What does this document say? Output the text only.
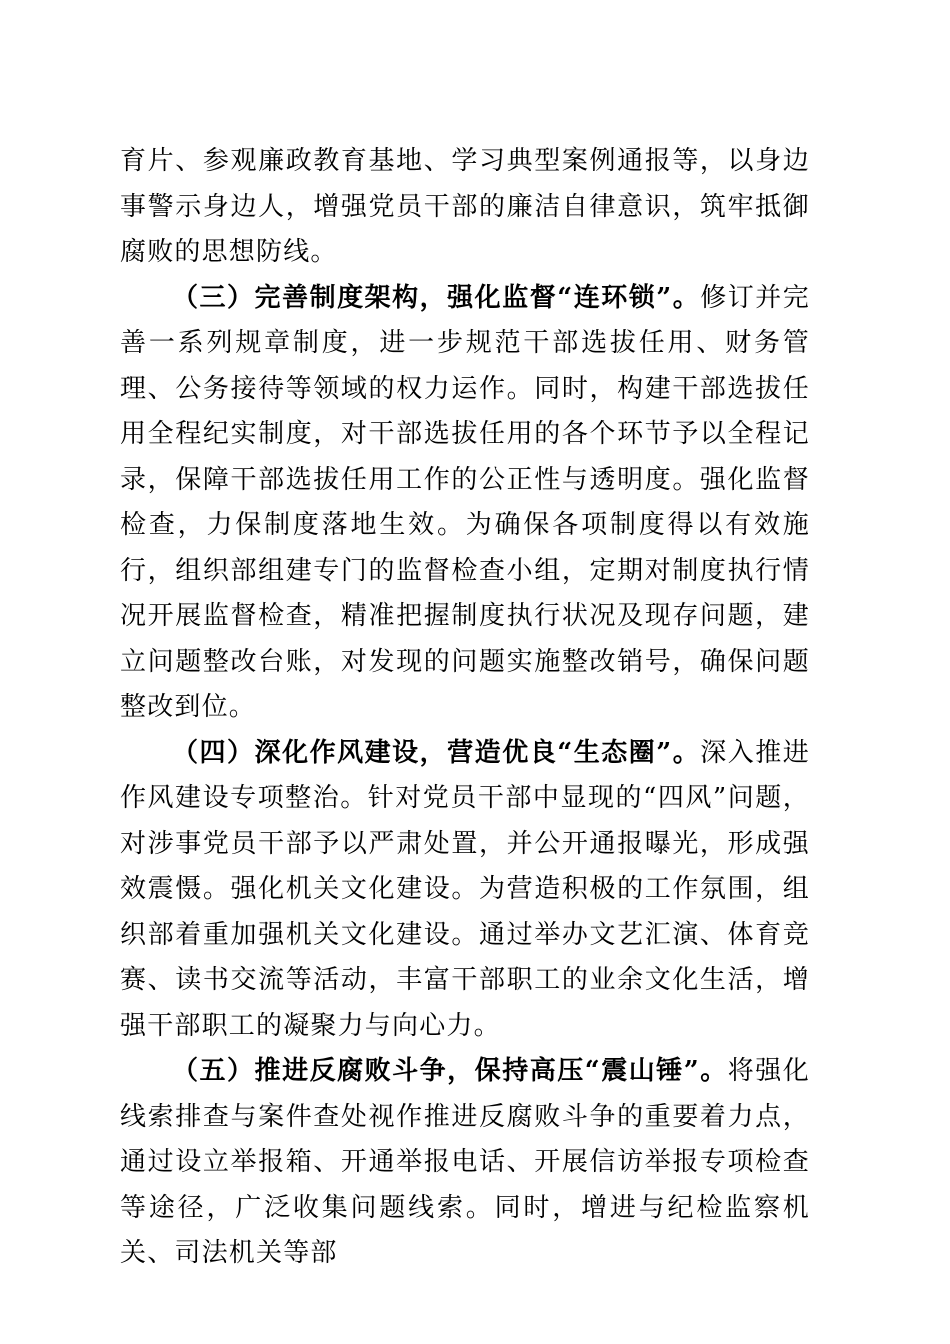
育片、参观廉政教育基地、学习典型案例通报等，以身边事警示身边人，增强党员干部的廉洁自律意识，筑牢抵御腐败的思想防线。

（三）完善制度架构，强化监督“连环锁”。修订并完善一系列规章制度，进一步规范干部选拔任用、财务管理、公务接待等领域的权力运作。同时，构建干部选拔任用全程纪实制度，对干部选拔任用的各个环节予以全程记录，保障干部选拔任用工作的公正性与透明度。强化监督检查，力保制度落地生效。为确保各项制度得以有效施行，组织部组建专门的监督检查小组，定期对制度执行情况开展监督检查，精准把握制度执行状况及现存问题，建立问题整改台账，对发现的问题实施整改销号，确保问题整改到位。

（四）深化作风建设，营造优良“生态圈”。深入推进作风建设专项整治。针对党员干部中显现的“四风”问题，对涉事党员干部予以严肃处置，并公开通报曝光，形成强效震慑。强化机关文化建设。为营造积极的工作氛围，组织部着重加强机关文化建设。通过举办文艺汇演、体育竞赛、读书交流等活动，丰富干部职工的业余文化生活，增强干部职工的凝聚力与向心力。

（五）推进反腐败斗争，保持高压“震山锤”。将强化线索排查与案件查处视作推进反腐败斗争的重要着力点，通过设立举报箱、开通举报电话、开展信访举报专项检查等途径，广泛收集问题线索。同时，增进与纪检监察机关、司法机关等部
